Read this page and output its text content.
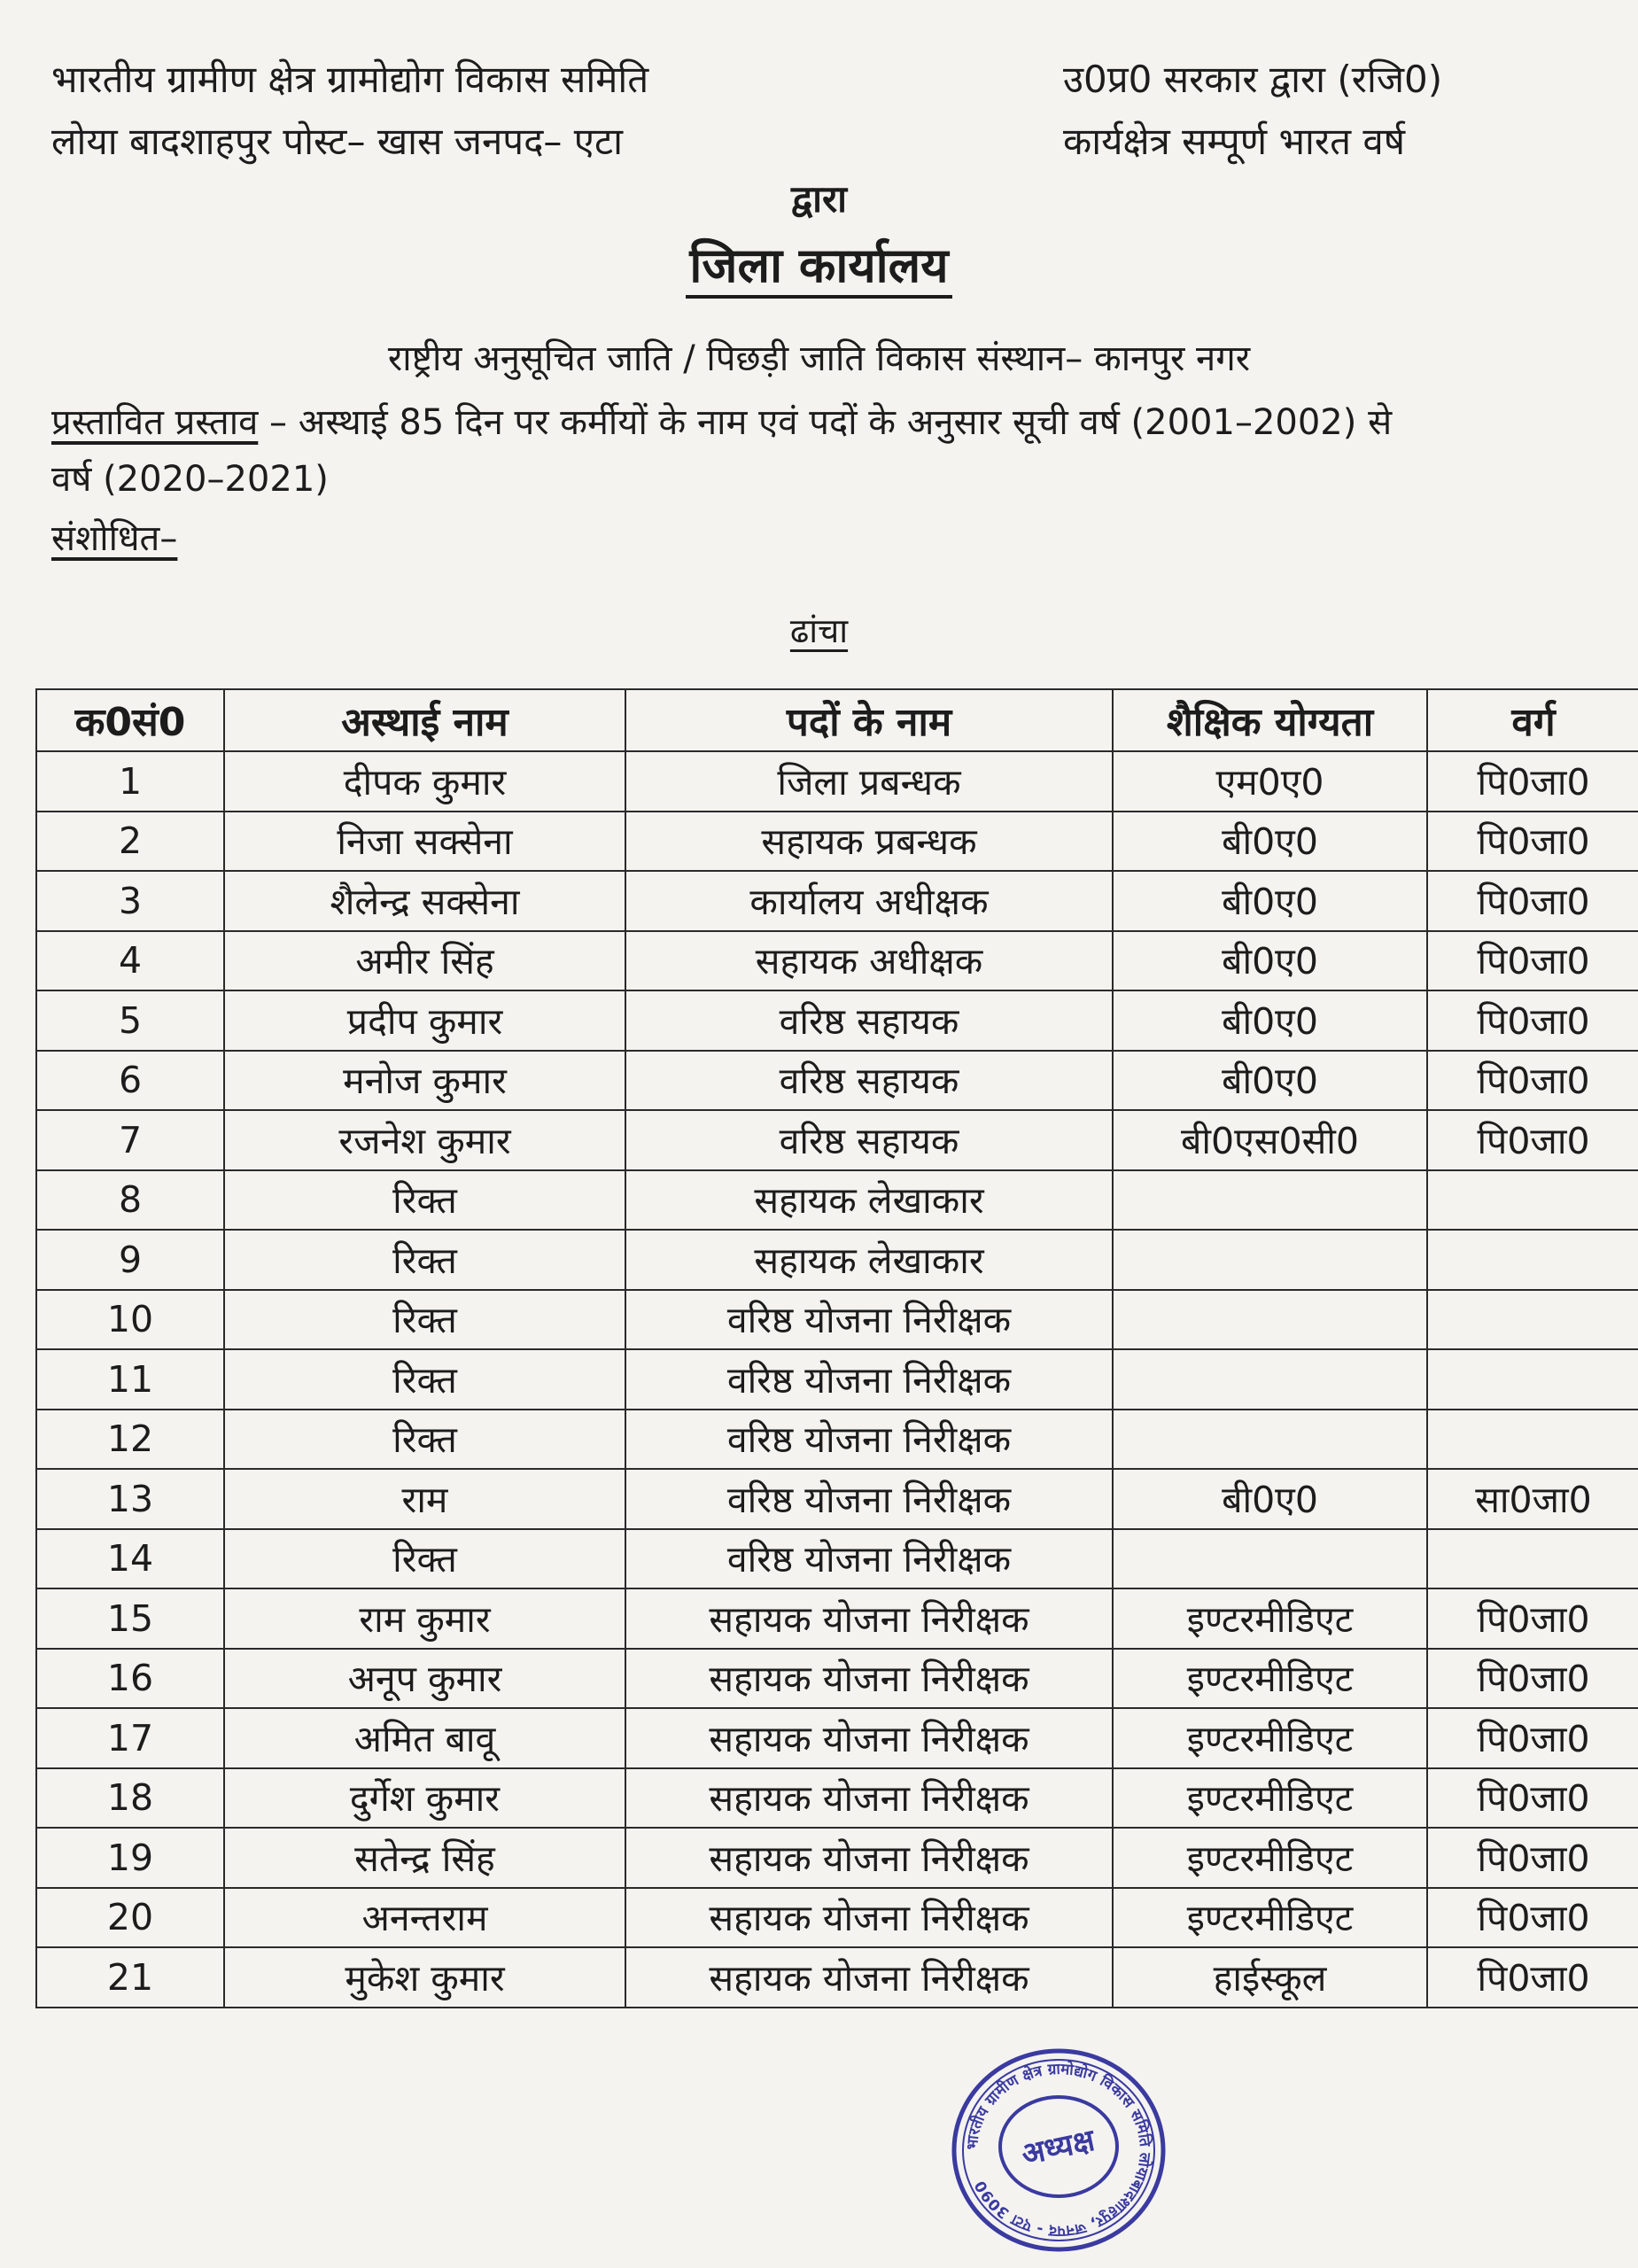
भारतीय ग्रामीण क्षेत्र ग्रामोद्योग विकास समिति
लोया बादशाहपुर पोस्ट– खास जनपद– एटा
उ0प्र0 सरकार द्वारा (रजि0)
कार्यक्षेत्र सम्पूर्ण भारत वर्ष
द्वारा
जिला कार्यालय
राष्ट्रीय अनुसूचित जाति / पिछड़ी जाति विकास संस्थान– कानपुर नगर
प्रस्तावित प्रस्ताव – अस्थाई 85 दिन पर कर्मीयों के नाम एवं पदों के अनुसार सूची वर्ष (2001–2002) से वर्ष (2020–2021)
संशोधित–
ढांचा
क0सं0	अस्थाई नाम	पदों के नाम	शैक्षिक योग्यता	वर्ग
1	दीपक कुमार	जिला प्रबन्धक	एम0ए0	पि0जा0
2	निजा सक्सेना	सहायक प्रबन्धक	बी0ए0	पि0जा0
3	शैलेन्द्र सक्सेना	कार्यालय अधीक्षक	बी0ए0	पि0जा0
4	अमीर सिंह	सहायक अधीक्षक	बी0ए0	पि0जा0
5	प्रदीप कुमार	वरिष्ठ सहायक	बी0ए0	पि0जा0
6	मनोज कुमार	वरिष्ठ सहायक	बी0ए0	पि0जा0
7	रजनेश कुमार	वरिष्ठ सहायक	बी0एस0सी0	पि0जा0
8	रिक्त	सहायक लेखाकार		
9	रिक्त	सहायक लेखाकार		
10	रिक्त	वरिष्ठ योजना निरीक्षक		
11	रिक्त	वरिष्ठ योजना निरीक्षक		
12	रिक्त	वरिष्ठ योजना निरीक्षक		
13	राम	वरिष्ठ योजना निरीक्षक	बी0ए0	सा0जा0
14	रिक्त	वरिष्ठ योजना निरीक्षक		
15	राम कुमार	सहायक योजना निरीक्षक	इण्टरमीडिएट	पि0जा0
16	अनूप कुमार	सहायक योजना निरीक्षक	इण्टरमीडिएट	पि0जा0
17	अमित बावू	सहायक योजना निरीक्षक	इण्टरमीडिएट	पि0जा0
18	दुर्गेश कुमार	सहायक योजना निरीक्षक	इण्टरमीडिएट	पि0जा0
19	सतेन्द्र सिंह	सहायक योजना निरीक्षक	इण्टरमीडिएट	पि0जा0
20	अनन्तराम	सहायक योजना निरीक्षक	इण्टरमीडिएट	पि0जा0
21	मुकेश कुमार	सहायक योजना निरीक्षक	हाईस्कूल	पि0जा0
भारतीय ग्रामीण क्षेत्र ग्रामोद्योग विकास समिति लोयाबादशाहपुर, जनपद - एटा 3090
अध्यक्ष
